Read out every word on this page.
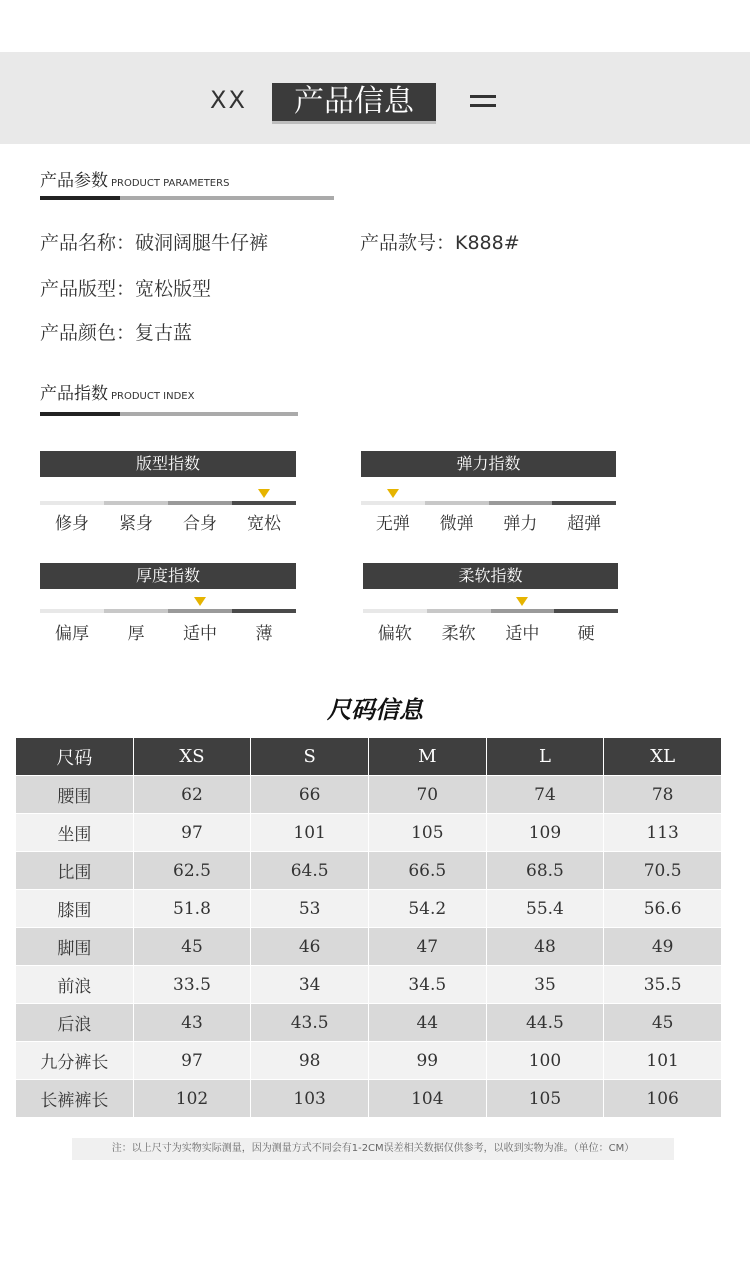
XX	产品信息
产品参数 PRODUCT PARAMETERS
产品名称：破洞阔腿牛仔裤	产品款号：K888#
产品版型：宽松版型
产品颜色：复古蓝
产品指数 PRODUCT INDEX
版型指数
修身	紧身	合身	宽松
弹力指数
无弹	微弹	弹力	超弹
厚度指数
偏厚	厚	适中	薄
柔软指数
偏软	柔软	适中	硬
尺码信息
尺码	XS	S	M	L	XL
腰围	62	66	70	74	78
坐围	97	101	105	109	113
比围	62.5	64.5	66.5	68.5	70.5
膝围	51.8	53	54.2	55.4	56.6
脚围	45	46	47	48	49
前浪	33.5	34	34.5	35	35.5
后浪	43	43.5	44	44.5	45
九分裤长	97	98	99	100	101
长裤裤长	102	103	104	105	106
注：以上尺寸为实物实际测量，因为测量方式不同会有1-2CM误差相关数据仅供参考，以收到实物为准。（单位：CM）
